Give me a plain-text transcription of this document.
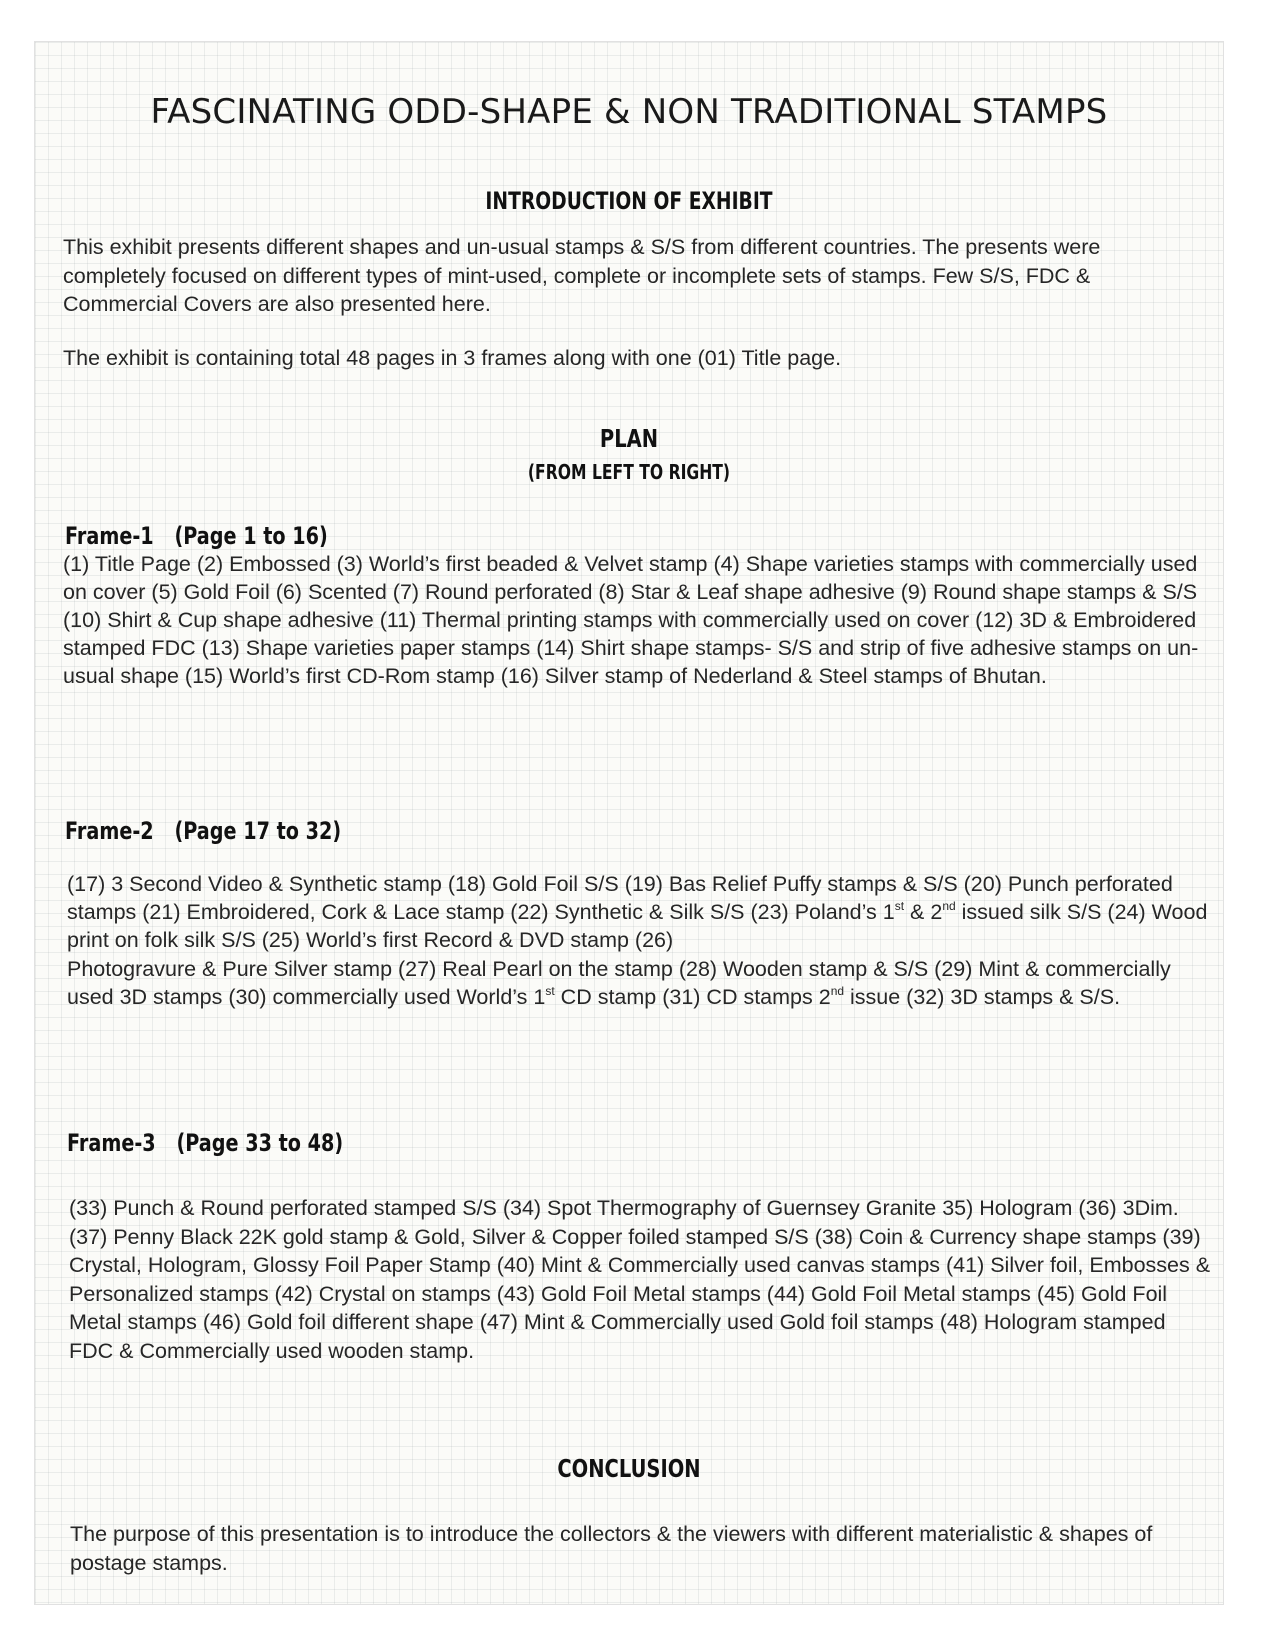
FASCINATING ODD-SHAPE & NON TRADITIONAL STAMPS
INTRODUCTION OF EXHIBIT

This exhibit presents different shapes and un-usual stamps & S/S from different countries. The presents were completely focused on different types of mint-used, complete or incomplete sets of stamps. Few S/S, FDC & Commercial Covers are also presented here.

The exhibit is containing total 48 pages in 3 frames along with one (01) Title page.

PLAN
(FROM LEFT TO RIGHT)
Frame-1 (Page 1 to 16)

(1) Title Page (2) Embossed (3) World’s first beaded & Velvet stamp (4) Shape varieties stamps with commercially used on cover (5) Gold Foil (6) Scented (7) Round perforated (8) Star & Leaf shape adhesive (9) Round shape stamps & S/S (10) Shirt & Cup shape adhesive (11) Thermal printing stamps with commercially used on cover (12) 3D & Embroidered stamped FDC (13) Shape varieties paper stamps (14) Shirt shape stamps- S/S and strip of five adhesive stamps on un-usual shape (15) World’s first CD-Rom stamp (16) Silver stamp of Nederland & Steel stamps of Bhutan.

Frame-2 (Page 17 to 32)

(17) 3 Second Video & Synthetic stamp (18) Gold Foil S/S (19) Bas Relief Puffy stamps & S/S (20) Punch perforated stamps (21) Embroidered, Cork & Lace stamp (22) Synthetic & Silk S/S (23) Poland’s 1st & 2nd issued silk S/S (24) Wood print on folk silk S/S (25) World’s first Record & DVD stamp (26)
Photogravure & Pure Silver stamp (27) Real Pearl on the stamp (28) Wooden stamp & S/S (29) Mint & commercially used 3D stamps (30) commercially used World’s 1st CD stamp (31) CD stamps 2nd issue (32) 3D stamps & S/S.

Frame-3 (Page 33 to 48)

(33) Punch & Round perforated stamped S/S (34) Spot Thermography of Guernsey Granite 35) Hologram (36) 3Dim. (37) Penny Black 22K gold stamp & Gold, Silver & Copper foiled stamped S/S (38) Coin & Currency shape stamps (39) Crystal, Hologram, Glossy Foil Paper Stamp (40) Mint & Commercially used canvas stamps (41) Silver foil, Embosses & Personalized stamps (42) Crystal on stamps (43) Gold Foil Metal stamps (44) Gold Foil Metal stamps (45) Gold Foil Metal stamps (46) Gold foil different shape (47) Mint & Commercially used Gold foil stamps (48) Hologram stamped FDC & Commercially used wooden stamp.

CONCLUSION

The purpose of this presentation is to introduce the collectors & the viewers with different materialistic & shapes of postage stamps.
